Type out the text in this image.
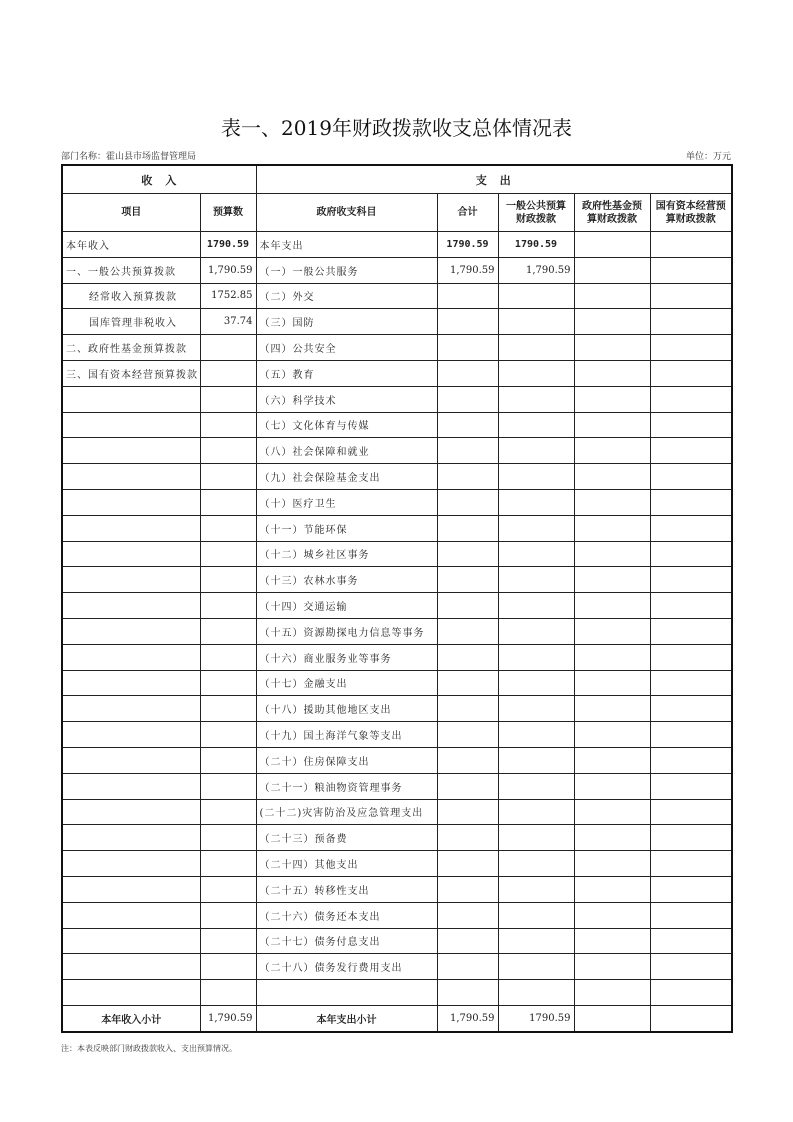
表一、2019年财政拨款收支总体情况表
部门名称：霍山县市场监督管理局	单位：万元
收　入		支　出				
项目	预算数	政府收支科目	合计	一般公共预算财政拨款	政府性基金预算财政拨款	国有资本经营预算财政拨款
本年收入	1790.59	本年支出	1790.59	1790.59		
一、一般公共预算拨款	1,790.59	（一）一般公共服务	1,790.59	1,790.59		
经常收入预算拨款	1752.85	（二）外交				
国库管理非税收入	37.74	（三）国防				
二、政府性基金预算拨款		（四）公共安全				
三、国有资本经营预算拨款		（五）教育				
		（六）科学技术				
		（七）文化体育与传媒				
		（八）社会保障和就业				
		（九）社会保险基金支出				
		（十）医疗卫生				
		（十一）节能环保				
		（十二）城乡社区事务				
		（十三）农林水事务				
		（十四）交通运输				
		（十五）资源勘探电力信息等事务				
		（十六）商业服务业等事务				
		（十七）金融支出				
		（十八）援助其他地区支出				
		（十九）国土海洋气象等支出				
		（二十）住房保障支出				
		（二十一）粮油物资管理事务				
		(二十二)灾害防治及应急管理支出				
		（二十三）预备费				
		（二十四）其他支出				
		（二十五）转移性支出				
		（二十六）债务还本支出				
		（二十七）债务付息支出				
		（二十八）债务发行费用支出				

本年收入小计	1,790.59	本年支出小计	1,790.59	1790.59		
注：本表反映部门财政拨款收入、支出预算情况。
